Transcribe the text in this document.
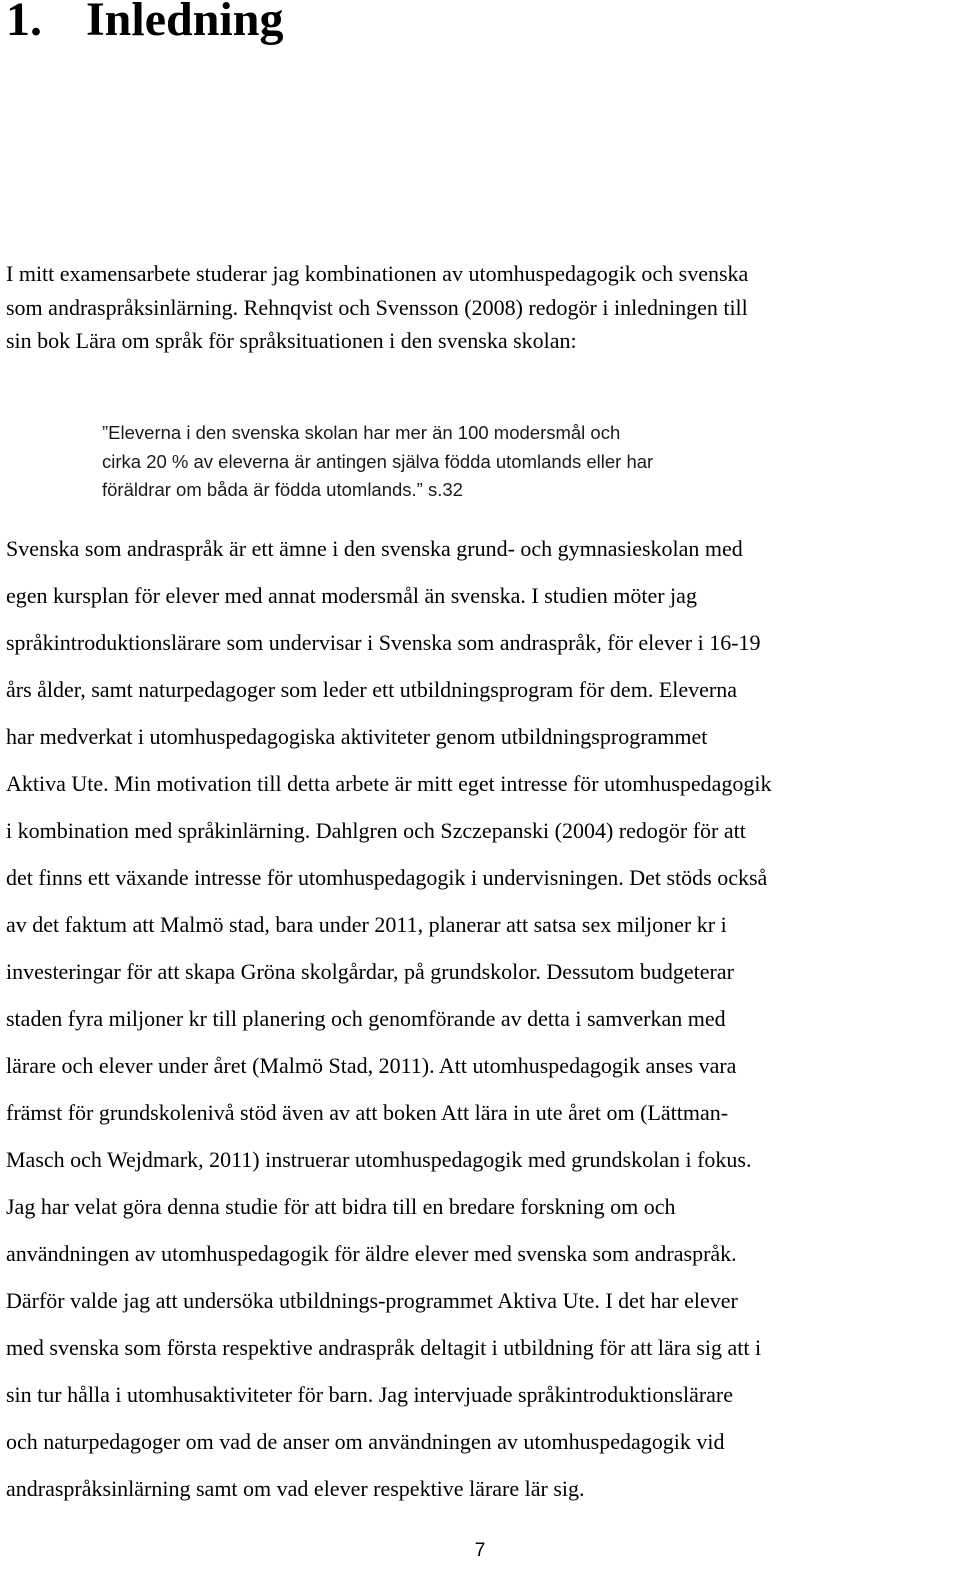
1. Inledning
I mitt examensarbete studerar jag kombinationen av utomhuspedagogik och svenska
som andraspråksinlärning. Rehnqvist och Svensson (2008) redogör i inledningen till
sin bok Lära om språk för språksituationen i den svenska skolan:
”Eleverna i den svenska skolan har mer än 100 modersmål och
cirka 20 % av eleverna är antingen själva födda utomlands eller har
föräldrar om båda är födda utomlands.” s.32
Svenska som andraspråk är ett ämne i den svenska grund- och gymnasieskolan med
egen kursplan för elever med annat modersmål än svenska. I studien möter jag
språkintroduktionslärare som undervisar i Svenska som andraspråk, för elever i 16-19
års ålder, samt naturpedagoger som leder ett utbildningsprogram för dem. Eleverna
har medverkat i utomhuspedagogiska aktiviteter genom utbildningsprogrammet
Aktiva Ute. Min motivation till detta arbete är mitt eget intresse för utomhuspedagogik
i kombination med språkinlärning. Dahlgren och Szczepanski (2004) redogör för att
det finns ett växande intresse för utomhuspedagogik i undervisningen. Det stöds också
av det faktum att Malmö stad, bara under 2011, planerar att satsa sex miljoner kr i
investeringar för att skapa Gröna skolgårdar, på grundskolor. Dessutom budgeterar
staden fyra miljoner kr till planering och genomförande av detta i samverkan med
lärare och elever under året (Malmö Stad, 2011). Att utomhuspedagogik anses vara
främst för grundskolenivå stöd även av att boken Att lära in ute året om (Lättman-
Masch och Wejdmark, 2011) instruerar utomhuspedagogik med grundskolan i fokus.
Jag har velat göra denna studie för att bidra till en bredare forskning om och
användningen av utomhuspedagogik för äldre elever med svenska som andraspråk.
Därför valde jag att undersöka utbildnings-programmet Aktiva Ute. I det har elever
med svenska som första respektive andraspråk deltagit i utbildning för att lära sig att i
sin tur hålla i utomhusaktiviteter för barn. Jag intervjuade språkintroduktionslärare
och naturpedagoger om vad de anser om användningen av utomhuspedagogik vid
andraspråksinlärning samt om vad elever respektive lärare lär sig.
7
